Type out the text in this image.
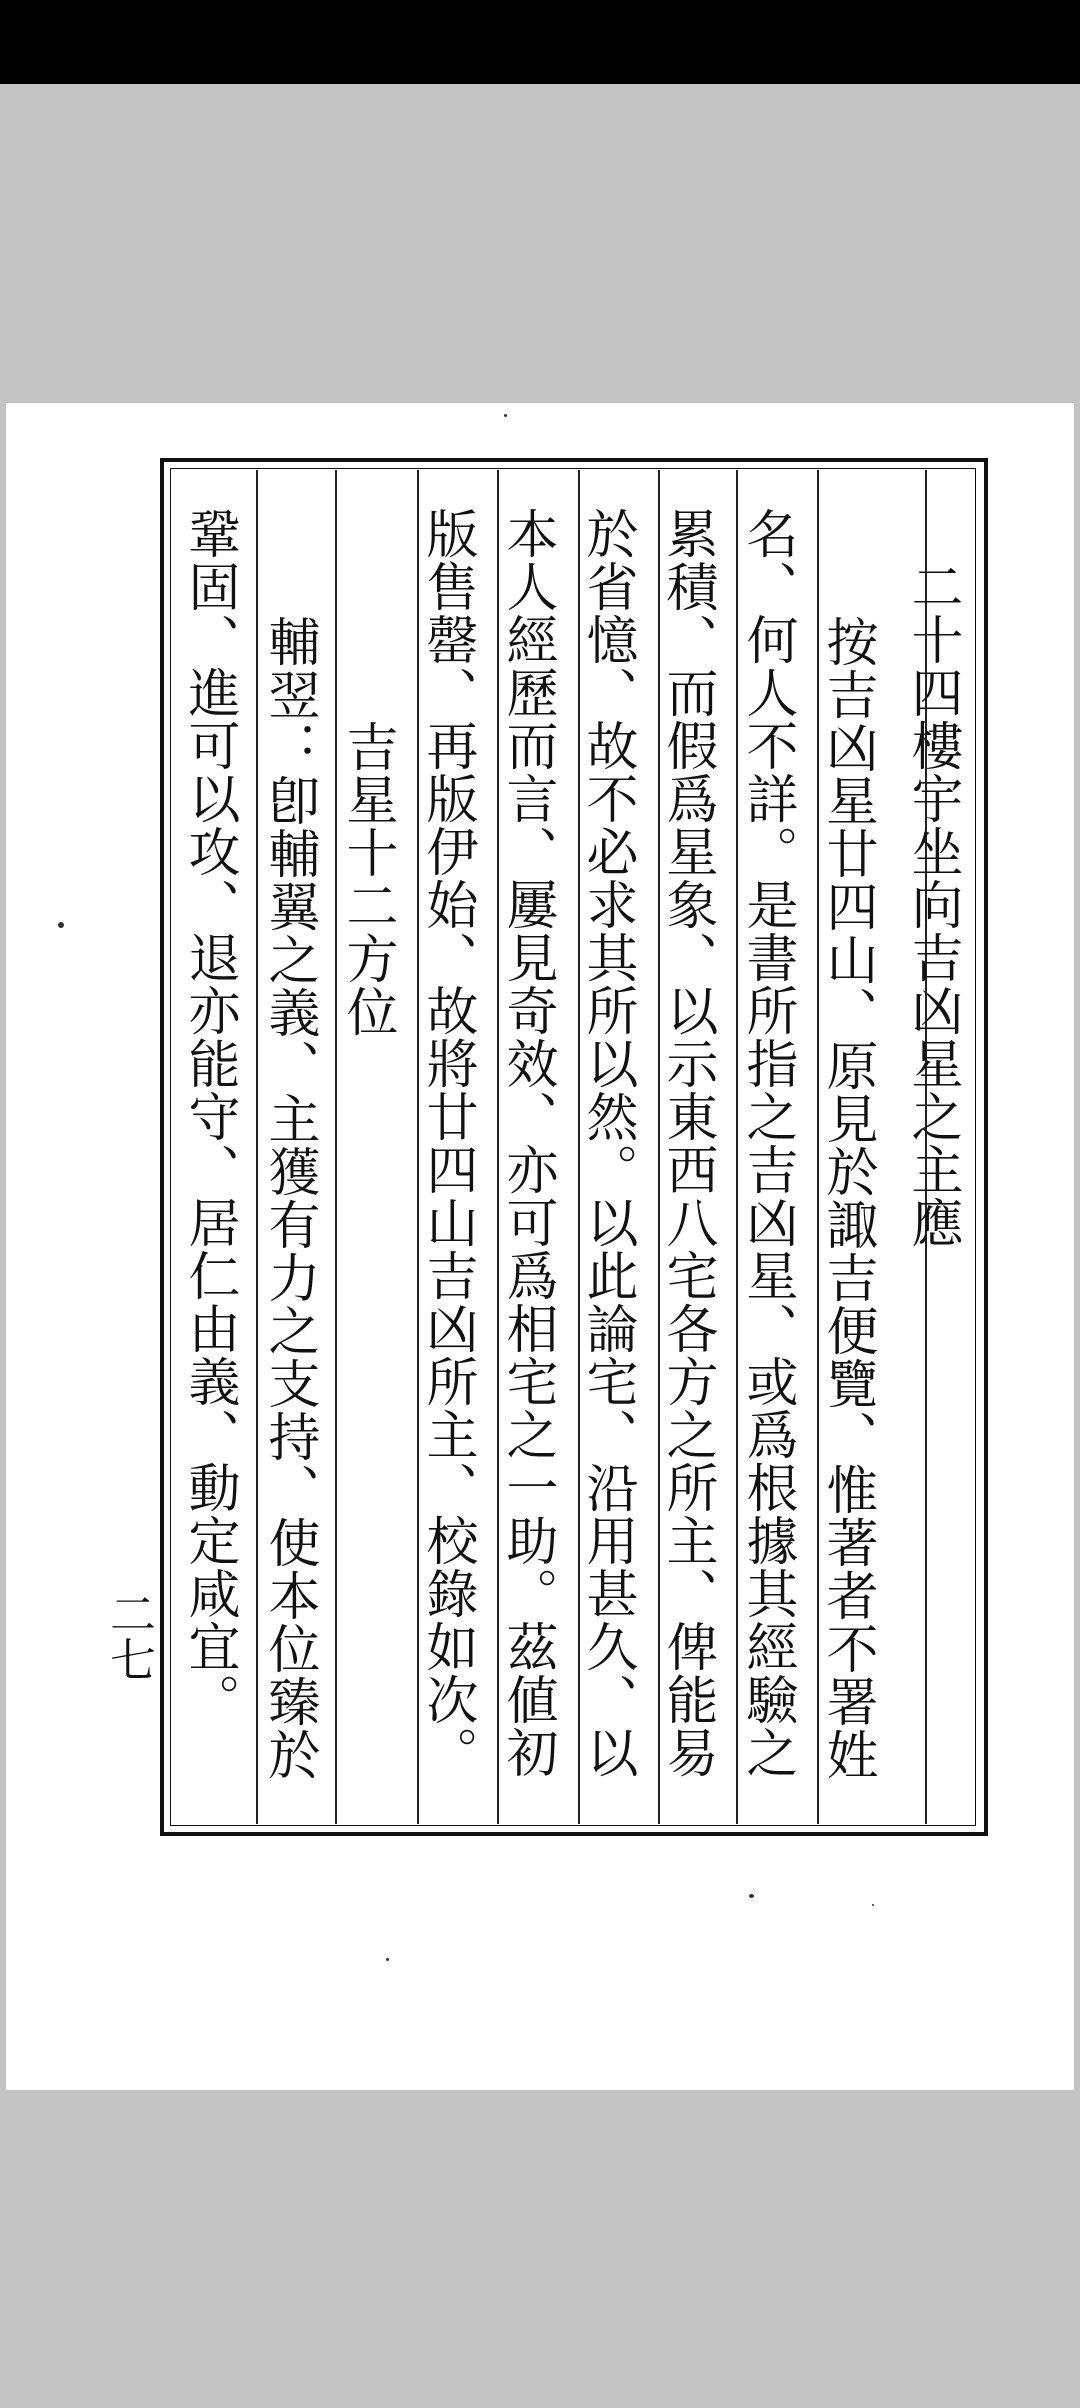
二十四樓宇坐向吉凶星之主應
按吉凶星廿四山、原見於諏吉便覽、惟著者不署姓
名、何人不詳。是書所指之吉凶星、或爲根據其經驗之
累積、而假爲星象、以示東西八宅各方之所主、俾能易
於省憶、故不必求其所以然。以此論宅、沿用甚久、以
本人經歷而言、屢見奇效、亦可爲相宅之一助。茲値初
版售罄、再版伊始、故將廿四山吉凶所主、校錄如次。
吉星十二方位
輔翌：卽輔翼之義、主獲有力之支持、使本位臻於
鞏固、進可以攻、退亦能守、居仁由義、動定咸宜。
二七
